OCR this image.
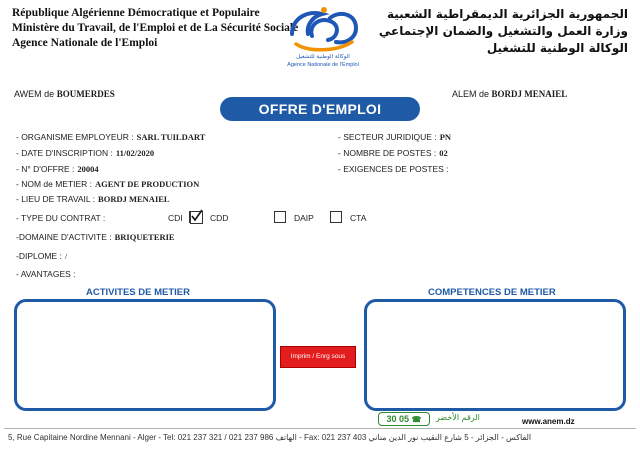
République Algérienne Démocratique et Populaire
Ministère du Travail, de l'Emploi et de La Sécurité Sociale
Agence Nationale de l'Emploi
الوكالة الوطنية للتشغيل
Agence Nationale de l'Emploi
الجمهورية الجزائرية الديمقراطية الشعبية
وزارة العمل والتشغيل والضمان الإجتماعي
الوكالة الوطنية للتشغيل
AWEM de BOUMERDES	ALEM de BORDJ MENAIEL
OFFRE D'EMPLOI
- ORGANISME EMPLOYEUR : SARL TUILDART
- DATE D'INSCRIPTION : 11/02/2020
- N° D'OFFRE : 20004
- NOM de METIER : AGENT DE PRODUCTION
- LIEU DE TRAVAIL : BORDJ MENAIEL
- SECTEUR JURIDIQUE : PN
- NOMBRE DE POSTES : 02
- EXIGENCES DE POSTES :
- TYPE DU CONTRAT :	CDI	CDD	DAIP	CTA
-DOMAINE D'ACTIVITE : BRIQUETERIE
-DIPLOME : /
- AVANTAGES :
ACTIVITES DE METIER	COMPETENCES DE METIER
Imprim / Enrg sous
30 05 ☎	الرقم الأخضر	www.anem.dz
5, Rue Capitaine Nordine Mennani - Alger - Tel: 021 237 321 / 021 237 986 الهاتف - Fax: 021 237 403 الفاكس - الجزائر - 5 شارع النقيب نور الدين مناني
